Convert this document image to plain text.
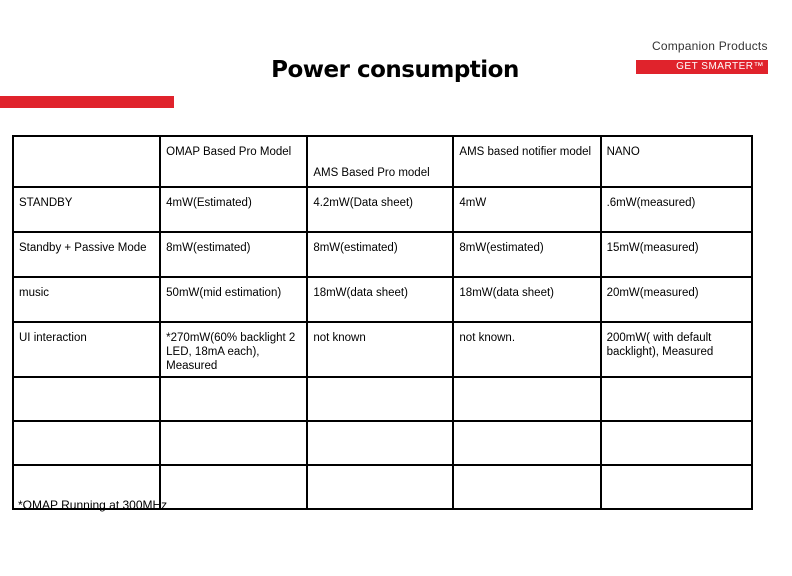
Companion Products
GET SMARTER™
Power consumption
	OMAP Based Pro Model	AMS Based Pro model	AMS based notifier model	NANO
STANDBY	4mW(Estimated)	4.2mW(Data sheet)	4mW	.6mW(measured)
Standby + Passive Mode	8mW(estimated)	8mW(estimated)	8mW(estimated)	15mW(measured)
music	50mW(mid estimation)	18mW(data sheet)	18mW(data sheet)	20mW(measured)
UI interaction	*270mW(60% backlight 2 LED, 18mA each), Measured	not known	not known.	200mW( with default backlight), Measured

*OMAP Running at 300MHz
